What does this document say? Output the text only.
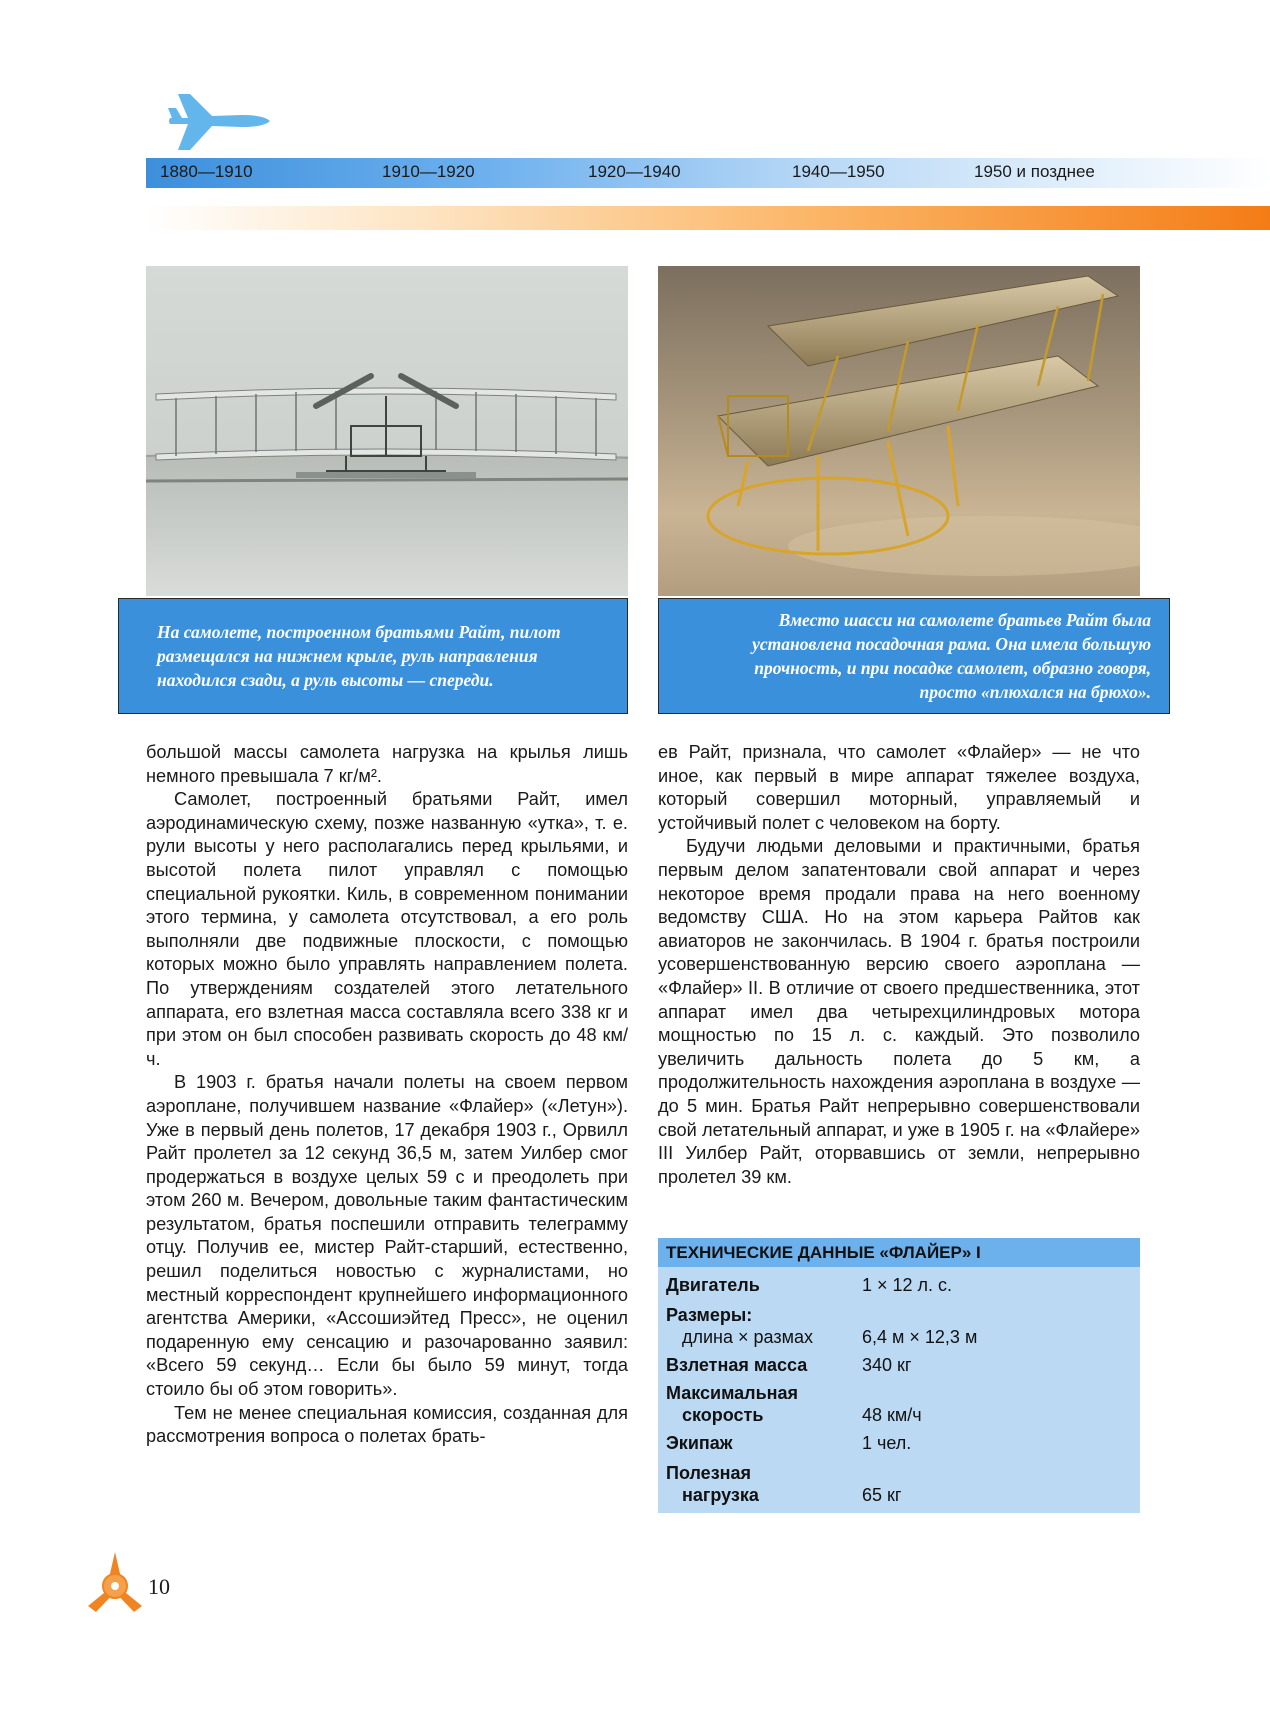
1880—1910	1910—1920	1920—1940	1940—1950	1950 и позднее
На самолете, построенном братьями Райт, пилот
размещался на нижнем крыле, руль направления
находился сзади, а руль высоты — спереди.
Вместо шасси на самолете братьев Райт была
установлена посадочная рама. Она имела большую
прочность, и при посадке самолет, образно говоря,
просто «плюхался на брюхо».

большой массы самолета нагрузка на крылья лишь немного превышала 7 кг/м².

Самолет, построенный братьями Райт, имел аэродинамическую схему, позже названную «утка», т. е. рули высоты у него располагались перед крыльями, и высотой полета пилот управлял с помощью специальной рукоятки. Киль, в современном понимании этого термина, у самолета отсутствовал, а его роль выполняли две подвижные плоскости, с помощью которых можно было управлять направлением полета. По утверждениям создателей этого летательного аппарата, его взлетная масса составляла всего 338 кг и при этом он был способен развивать скорость до 48 км/ч.

В 1903 г. братья начали полеты на своем первом аэроплане, получившем название «Флайер» («Летун»). Уже в первый день полетов, 17 декабря 1903 г., Орвилл Райт пролетел за 12 секунд 36,5 м, затем Уилбер смог продержаться в воздухе целых 59 с и преодолеть при этом 260 м. Вечером, довольные таким фантастическим результатом, братья поспешили отправить телеграмму отцу. Получив ее, мистер Райт-старший, естественно, решил поделиться новостью с журналистами, но местный корреспондент крупнейшего информационного агентства Америки, «Ассошиэйтед Пресс», не оценил подаренную ему сенсацию и разочарованно заявил: «Всего 59 секунд… Если бы было 59 минут, тогда стоило бы об этом говорить».

Тем не менее специальная комиссия, созданная для рассмотрения вопроса о полетах брать-

ев Райт, признала, что самолет «Флайер» — не что иное, как первый в мире аппарат тяжелее воздуха, который совершил моторный, управляемый и устойчивый полет с человеком на борту.

Будучи людьми деловыми и практичными, братья первым делом запатентовали свой аппарат и через некоторое время продали права на него военному ведомству США. Но на этом карьера Райтов как авиаторов не закончилась. В 1904 г. братья построили усовершенствованную версию своего аэроплана — «Флайер» II. В отличие от своего предшественника, этот аппарат имел два четырехцилиндровых мотора мощностью по 15 л. с. каждый. Это позволило увеличить дальность полета до 5 км, а продолжительность нахождения аэроплана в воздухе — до 5 мин. Братья Райт непрерывно совершенствовали свой летательный аппарат, и уже в 1905 г. на «Флайере» III Уилбер Райт, оторвавшись от земли, непрерывно пролетел 39 км.

ТЕХНИЧЕСКИЕ ДАННЫЕ «ФЛАЙЕР» I
Двигатель	1 × 12 л. с.
Размеры:
длина × размах	6,4 м × 12,3 м
Взлетная масса	340 кг
Максимальная
скорость	48 км/ч
Экипаж	1 чел.
Полезная
нагрузка	65 кг
10
